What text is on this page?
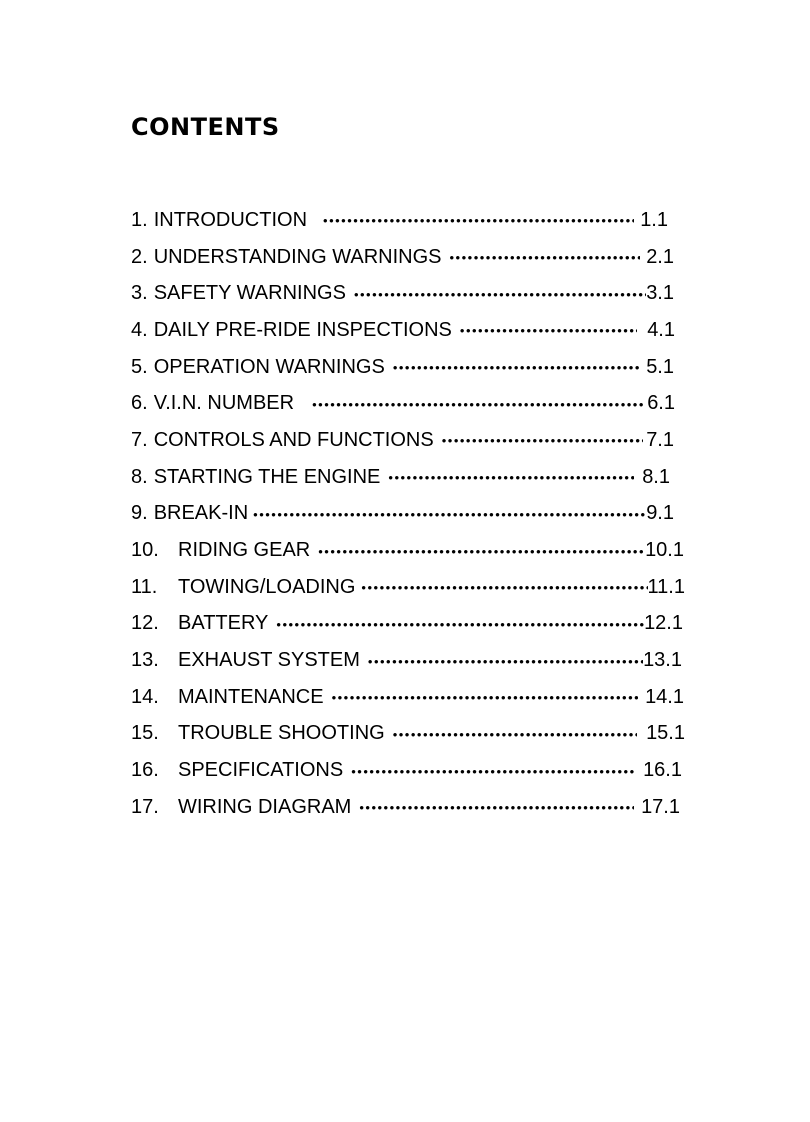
CONTENTS
1. INTRODUCTION •••••	1.1
2. UNDERSTANDING WARNINGS •••••	2.1
3. SAFETY WARNINGS •••••	3.1
4. DAILY PRE-RIDE INSPECTIONS •••••	4.1
5. OPERATION WARNINGS •••••	5.1
6. V.I.N. NUMBER •••••	6.1
7. CONTROLS AND FUNCTIONS •••••	7.1
8. STARTING THE ENGINE •••••	8.1
9. BREAK-IN •••••	9.1
10. RIDING GEAR •••••	10.1
11.	TOWING/LOADING •••••	11.1
12. BATTERY •••••	12.1
13. EXHAUST SYSTEM •••••	13.1
14. MAINTENANCE •••••	14.1
15. TROUBLE SHOOTING •••••	15.1
16. SPECIFICATIONS •••••	16.1
17. WIRING DIAGRAM •••••	17.1
